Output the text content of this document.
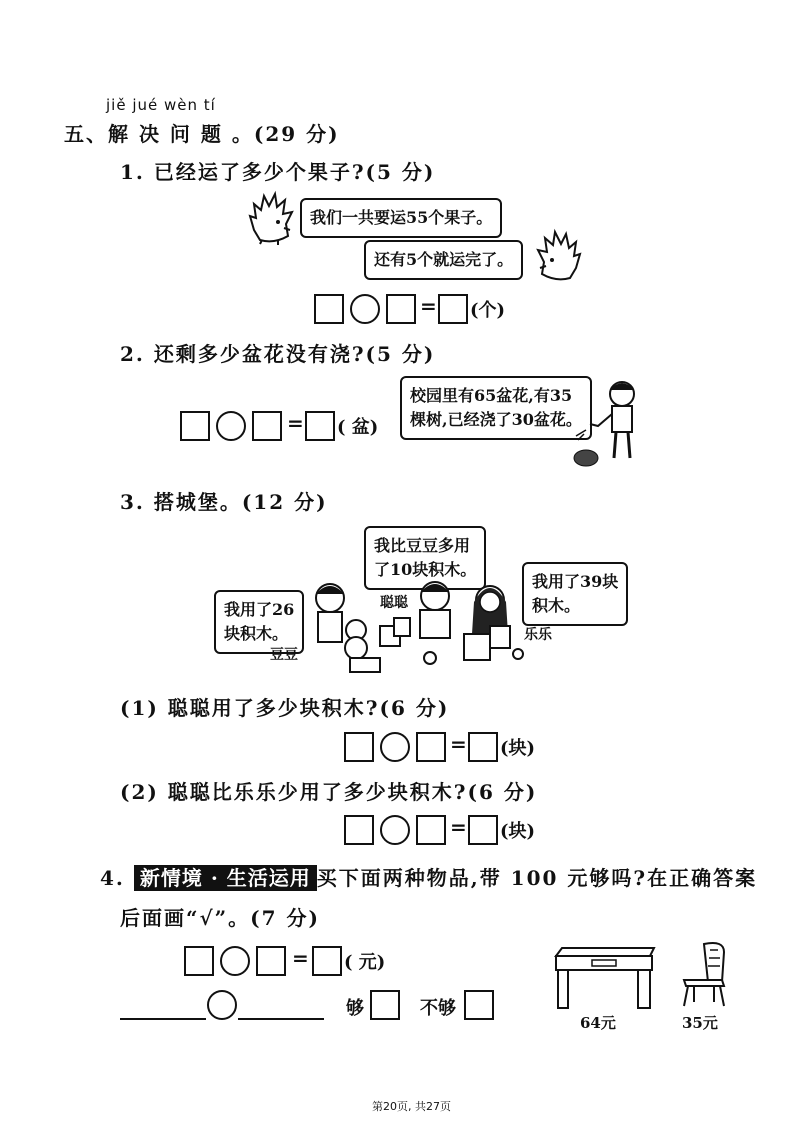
jiě jué wèn tí
五、解 决 问 题 。(29 分)
1. 已经运了多少个果子?(5 分)
我们一共要运55个果子。
还有5个就运完了。
= (个)
2. 还剩多少盆花没有浇?(5 分)
= ( 盆)
校园里有65盆花,有35
棵树,已经浇了30盆花。
3. 搭城堡。(12 分)
我比豆豆多用
了10块积木。
我用了26
块积木。
我用了39块
积木。
聪聪
豆豆
乐乐
(1) 聪聪用了多少块积木?(6 分)
= (块)
(2) 聪聪比乐乐少用了多少块积木?(6 分)
= (块)
4. 新情境 · 生活运用 买下面两种物品,带 100 元够吗?在正确答案
后面画“√”。(7 分)
= ( 元)
够	不够
64元	35元
第20页, 共27页
